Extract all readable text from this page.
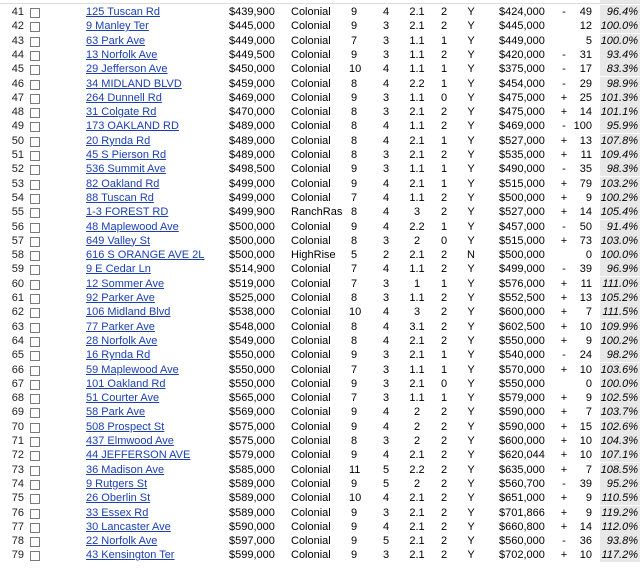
41	125 Tuscan Rd	$439,900 Colonial 9 4	2.1	2 Y $424,000 -	49	96.4%
42	9 Manley Ter	$445,000 Colonial 9 3	2.1	2 Y $445,000	12 100.0%
43	63 Park Ave	$449,000 Colonial 7 3	1.1	1 Y $449,000	5 100.0%
44	13 Norfolk Ave	$449,500 Colonial 9 3	1.1	2 Y $420,000 -	31	93.4%
45	29 Jefferson Ave	$450,000 Colonial 10 4	1.1	1 Y $375,000 -	17	83.3%
46	34 MIDLAND BLVD	$459,000 Colonial 8 4	2.2	1 Y $454,000 -	29	98.9%
47	264 Dunnell Rd	$469,000 Colonial 9 3	1.1	0 Y $475,000 +	25 101.3%
48	31 Colgate Rd	$470,000 Colonial 8 3	2.1	2 Y $475,000 +	14 101.1%
49	173 OAKLAND RD	$489,000 Colonial 8 4	1.1	2 Y $469,000 - 100	95.9%
50	20 Rynda Rd	$489,000 Colonial 8 4	2.1	1 Y $527,000 +	13 107.8%
51	45 S Pierson Rd	$489,000 Colonial 8 3	2.1	2 Y $535,000 +	11 109.4%
52	536 Summit Ave	$498,500 Colonial 9 3	1.1	1 Y $490,000 -	35	98.3%
53	82 Oakland Rd	$499,000 Colonial 9 4	2.1	1 Y $515,000 +	79 103.2%
54	88 Tuscan Rd	$499,000 Colonial 7 4	1.1	2 Y $500,000 +	9 100.2%
55	1-3 FOREST RD	$499,900 RanchRas 8 4	3	2 Y $527,000 +	14 105.4%
56	48 Maplewood Ave	$500,000 Colonial 9 4	2.2	1 Y $457,000 -	50	91.4%
57	649 Valley St	$500,000 Colonial 8 3	2	0 Y $515,000 +	73 103.0%
58	616 S ORANGE AVE 2L $500,000 HighRise 5 2	2.1	2 N $500,000	0 100.0%
59	9 E Cedar Ln	$514,900 Colonial 7 4	1.1	2 Y $499,000 -	39	96.9%
60	12 Sommer Ave	$519,000 Colonial 7 3	1	1 Y $576,000 +	11 111.0%
61	92 Parker Ave	$525,000 Colonial 8 3	1.1	2 Y $552,500 +	13 105.2%
62	106 Midland Blvd	$538,000 Colonial 10 4	3	2 Y $600,000 +	7 111.5%
63	77 Parker Ave	$548,000 Colonial 8 4	3.1	2 Y $602,500 +	10 109.9%
64	28 Norfolk Ave	$549,000 Colonial 8 4	2.1	2 Y $550,000 +	9 100.2%
65	16 Rynda Rd	$550,000 Colonial 9 3	2.1	1 Y $540,000 -	24	98.2%
66	59 Maplewood Ave	$550,000 Colonial 7 3	1.1	1 Y $570,000 +	10 103.6%
67	101 Oakland Rd	$550,000 Colonial 9 3	2.1	0 Y $550,000	0 100.0%
68	51 Courter Ave	$565,000 Colonial 7 3	1.1	1 Y $579,000 +	9 102.5%
69	58 Park Ave	$569,000 Colonial 9 4	2	2 Y $590,000 +	7 103.7%
70	508 Prospect St	$575,000 Colonial 9 4	2	2 Y $590,000 +	15 102.6%
71	437 Elmwood Ave	$575,000 Colonial 8 3	2	2 Y $600,000 +	10 104.3%
72	44 JEFFERSON AVE	$579,000 Colonial 9 4	2.1	2 Y $620,044 +	10 107.1%
73	36 Madison Ave	$585,000 Colonial 11 5	2.2	2 Y $635,000 +	7 108.5%
74	9 Rutgers St	$589,000 Colonial 9 5	2	2 Y $560,700 -	39	95.2%
75	26 Oberlin St	$589,000 Colonial 10 4	2.1	2 Y $651,000 +	9 110.5%
76	33 Essex Rd	$589,000 Colonial 9 3	2.1	2 Y $701,866 +	9 119.2%
77	30 Lancaster Ave	$590,000 Colonial 9 4	2.1	2 Y $660,800 +	14 112.0%
78	22 Norfolk Ave	$597,000 Colonial 9 5	2.1	2 Y $560,000 -	36	93.8%
79	43 Kensington Ter	$599,000 Colonial 9 3	2.1	2 Y $702,000 +	10 117.2%
